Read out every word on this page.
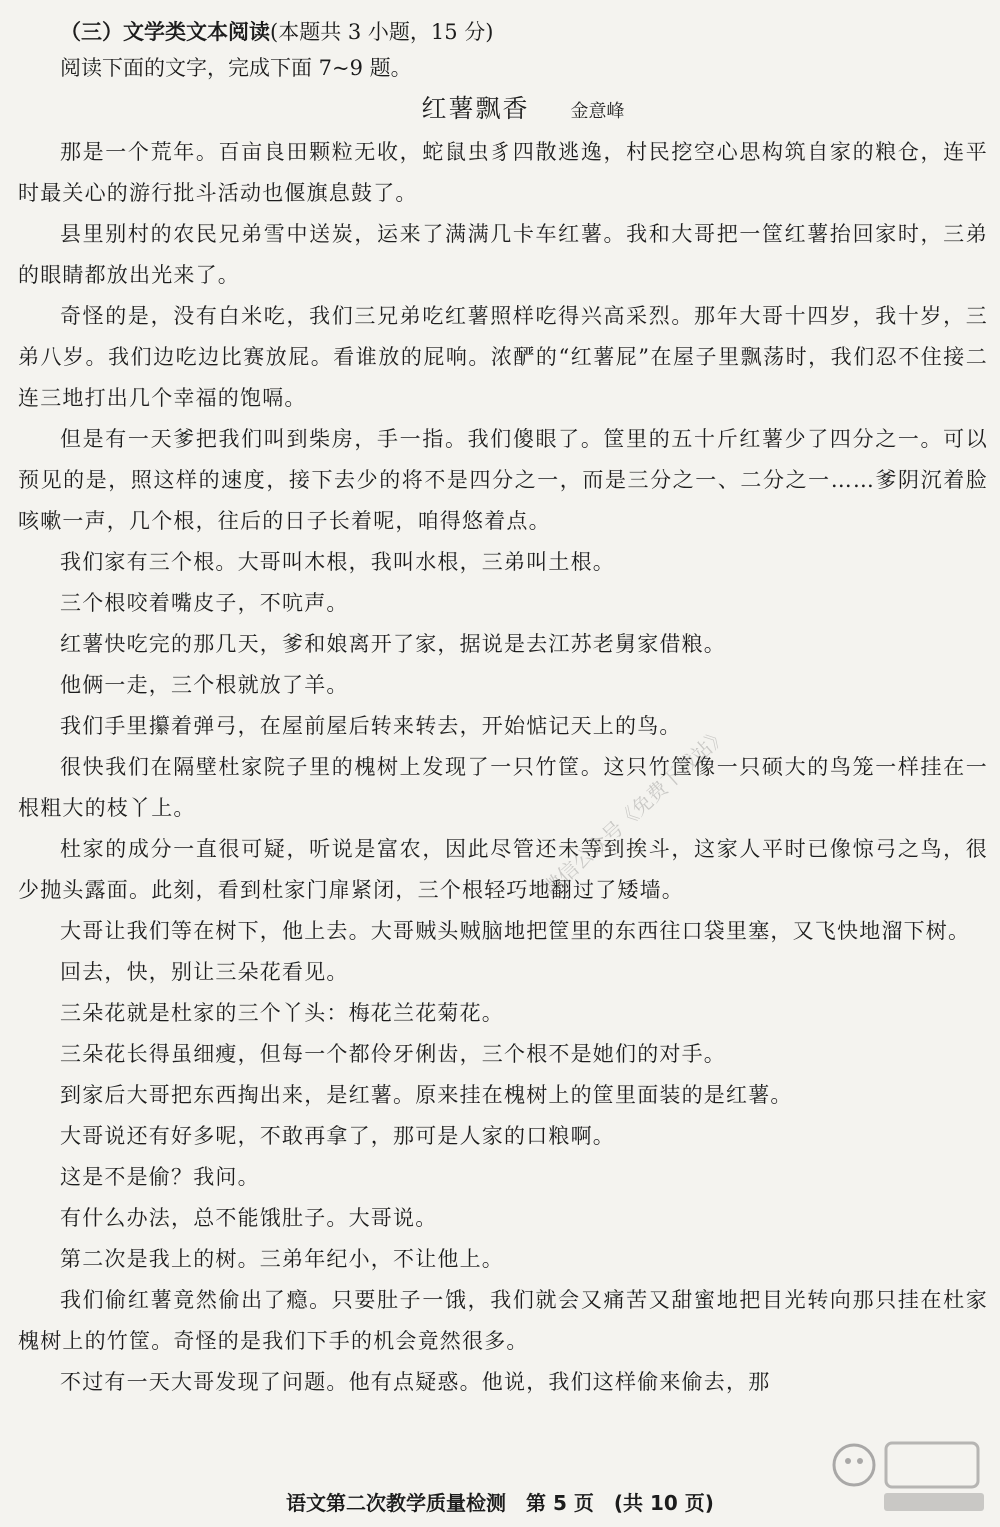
（三）文学类文本阅读(本题共 3 小题，15 分)
阅读下面的文字，完成下面 7~9 题。
红薯飘香 金意峰

那是一个荒年。百亩良田颗粒无收，蛇鼠虫豸四散逃逸，村民挖空心思构筑自家的粮仓，连平时最关心的游行批斗活动也偃旗息鼓了。

县里别村的农民兄弟雪中送炭，运来了满满几卡车红薯。我和大哥把一筐红薯抬回家时，三弟的眼睛都放出光来了。

奇怪的是，没有白米吃，我们三兄弟吃红薯照样吃得兴高采烈。那年大哥十四岁，我十岁，三弟八岁。我们边吃边比赛放屁。看谁放的屁响。浓酽的“红薯屁”在屋子里飘荡时，我们忍不住接二连三地打出几个幸福的饱嗝。

但是有一天爹把我们叫到柴房，手一指。我们傻眼了。筐里的五十斤红薯少了四分之一。可以预见的是，照这样的速度，接下去少的将不是四分之一，而是三分之一、二分之一……爹阴沉着脸咳嗽一声，几个根，往后的日子长着呢，咱得悠着点。

我们家有三个根。大哥叫木根，我叫水根，三弟叫土根。

三个根咬着嘴皮子，不吭声。

红薯快吃完的那几天，爹和娘离开了家，据说是去江苏老舅家借粮。

他俩一走，三个根就放了羊。

我们手里攥着弹弓，在屋前屋后转来转去，开始惦记天上的鸟。

很快我们在隔壁杜家院子里的槐树上发现了一只竹筐。这只竹筐像一只硕大的鸟笼一样挂在一根粗大的枝丫上。

杜家的成分一直很可疑，听说是富农，因此尽管还未等到挨斗，这家人平时已像惊弓之鸟，很少抛头露面。此刻，看到杜家门扉紧闭，三个根轻巧地翻过了矮墙。

大哥让我们等在树下，他上去。大哥贼头贼脑地把筐里的东西往口袋里塞，又飞快地溜下树。

回去，快，别让三朵花看见。

三朵花就是杜家的三个丫头：梅花兰花菊花。

三朵花长得虽细瘦，但每一个都伶牙俐齿，三个根不是她们的对手。

到家后大哥把东西掏出来，是红薯。原来挂在槐树上的筐里面装的是红薯。

大哥说还有好多呢，不敢再拿了，那可是人家的口粮啊。

这是不是偷？我问。

有什么办法，总不能饿肚子。大哥说。

第二次是我上的树。三弟年纪小，不让他上。

我们偷红薯竟然偷出了瘾。只要肚子一饿，我们就会又痛苦又甜蜜地把目光转向那只挂在杜家槐树上的竹筐。奇怪的是我们下手的机会竟然很多。

不过有一天大哥发现了问题。他有点疑惑。他说，我们这样偷来偷去，那

微信公众号《免费下载站》
语文第二次教学质量检测　第 5 页　(共 10 页)
